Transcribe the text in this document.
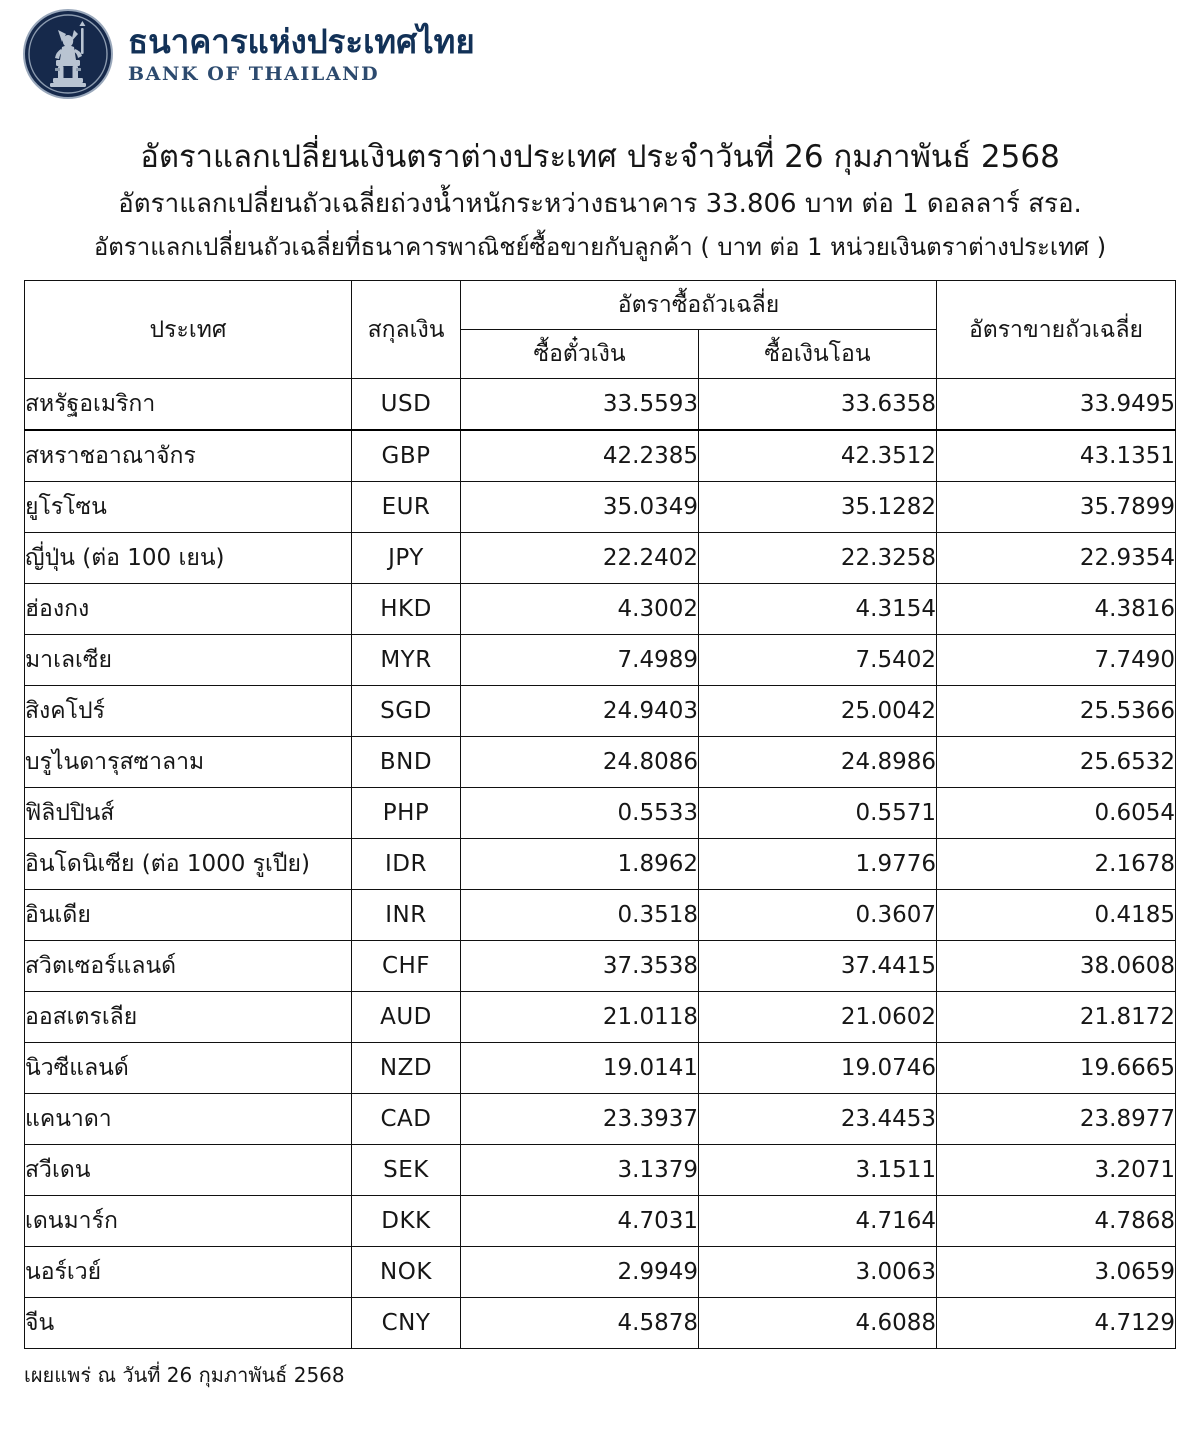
ธนาคารแห่งประเทศไทย
BANK OF THAILAND
อัตราแลกเปลี่ยนเงินตราต่างประเทศ ประจำวันที่ 26 กุมภาพันธ์ 2568
อัตราแลกเปลี่ยนถัวเฉลี่ยถ่วงน้ำหนักระหว่างธนาคาร 33.806 บาท ต่อ 1 ดอลลาร์ สรอ.
อัตราแลกเปลี่ยนถัวเฉลี่ยที่ธนาคารพาณิชย์ซื้อขายกับลูกค้า ( บาท ต่อ 1 หน่วยเงินตราต่างประเทศ )
ประเทศ	สกุลเงิน	อัตราซื้อถัวเฉลี่ย		อัตราขายถัวเฉลี่ย
		ซื้อตั๋วเงิน	ซื้อเงินโอน	
สหรัฐอเมริกา	USD	33.5593	33.6358	33.9495
สหราชอาณาจักร	GBP	42.2385	42.3512	43.1351
ยูโรโซน	EUR	35.0349	35.1282	35.7899
ญี่ปุ่น (ต่อ 100 เยน)	JPY	22.2402	22.3258	22.9354
ฮ่องกง	HKD	4.3002	4.3154	4.3816
มาเลเซีย	MYR	7.4989	7.5402	7.7490
สิงคโปร์	SGD	24.9403	25.0042	25.5366
บรูไนดารุสซาลาม	BND	24.8086	24.8986	25.6532
ฟิลิปปินส์	PHP	0.5533	0.5571	0.6054
อินโดนิเซีย (ต่อ 1000 รูเปีย)	IDR	1.8962	1.9776	2.1678
อินเดีย	INR	0.3518	0.3607	0.4185
สวิตเซอร์แลนด์	CHF	37.3538	37.4415	38.0608
ออสเตรเลีย	AUD	21.0118	21.0602	21.8172
นิวซีแลนด์	NZD	19.0141	19.0746	19.6665
แคนาดา	CAD	23.3937	23.4453	23.8977
สวีเดน	SEK	3.1379	3.1511	3.2071
เดนมาร์ก	DKK	4.7031	4.7164	4.7868
นอร์เวย์	NOK	2.9949	3.0063	3.0659
จีน	CNY	4.5878	4.6088	4.7129
เผยแพร่ ณ วันที่ 26 กุมภาพันธ์ 2568
